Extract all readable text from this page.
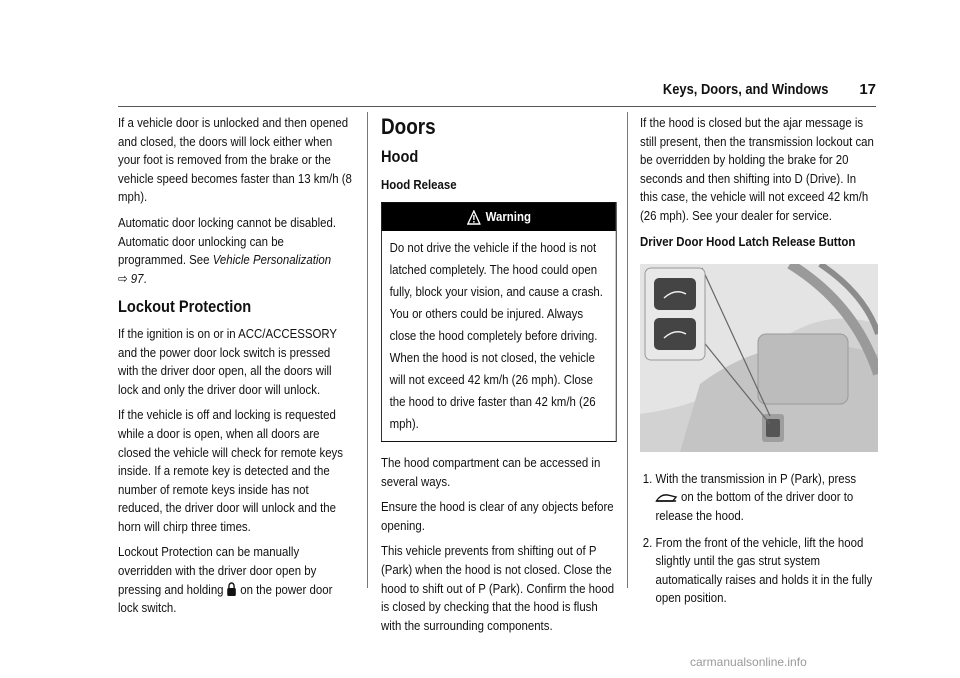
Keys, Doors, and Windows 17

If a vehicle door is unlocked and then opened and closed, the doors will lock either when your foot is removed from the brake or the vehicle speed becomes faster than 13 km/h (8 mph).

Automatic door locking cannot be disabled. Automatic door unlocking can be programmed. See Vehicle Personalization
⇨ 97.

Lockout Protection

If the ignition is on or in ACC/ACCESSORY and the power door lock switch is pressed with the driver door open, all the doors will lock and only the driver door will unlock.

If the vehicle is off and locking is requested while a door is open, when all doors are closed the vehicle will check for remote keys inside. If a remote key is detected and the number of remote keys inside has not reduced, the driver door will unlock and the horn will chirp three times.

Lockout Protection can be manually overridden with the driver door open by pressing and holding  on the power door lock switch.

Doors
Hood
Hood Release
Warning
Do not drive the vehicle if the hood is not latched completely. The hood could open fully, block your vision, and cause a crash. You or others could be injured. Always close the hood completely before driving. When the hood is not closed, the vehicle will not exceed 42 km/h (26 mph). Close the hood to drive faster than 42 km/h (26 mph).

The hood compartment can be accessed in several ways.

Ensure the hood is clear of any objects before opening.

This vehicle prevents from shifting out of P (Park) when the hood is not closed. Close the hood to shift out of P (Park). Confirm the hood is closed by checking that the hood is flush with the surrounding components.

If the hood is closed but the ajar message is still present, then the transmission lockout can be overridden by holding the brake for 20 seconds and then shifting into D (Drive). In this case, the vehicle will not exceed 42 km/h (26 mph). See your dealer for service.

Driver Door Hood Latch Release Button

1. With the transmission in P (Park), press
on the bottom of the driver door to release the hood.
2. From the front of the vehicle, lift the hood slightly until the gas strut system automatically raises and holds it in the fully open position.
carmanualsonline.info
